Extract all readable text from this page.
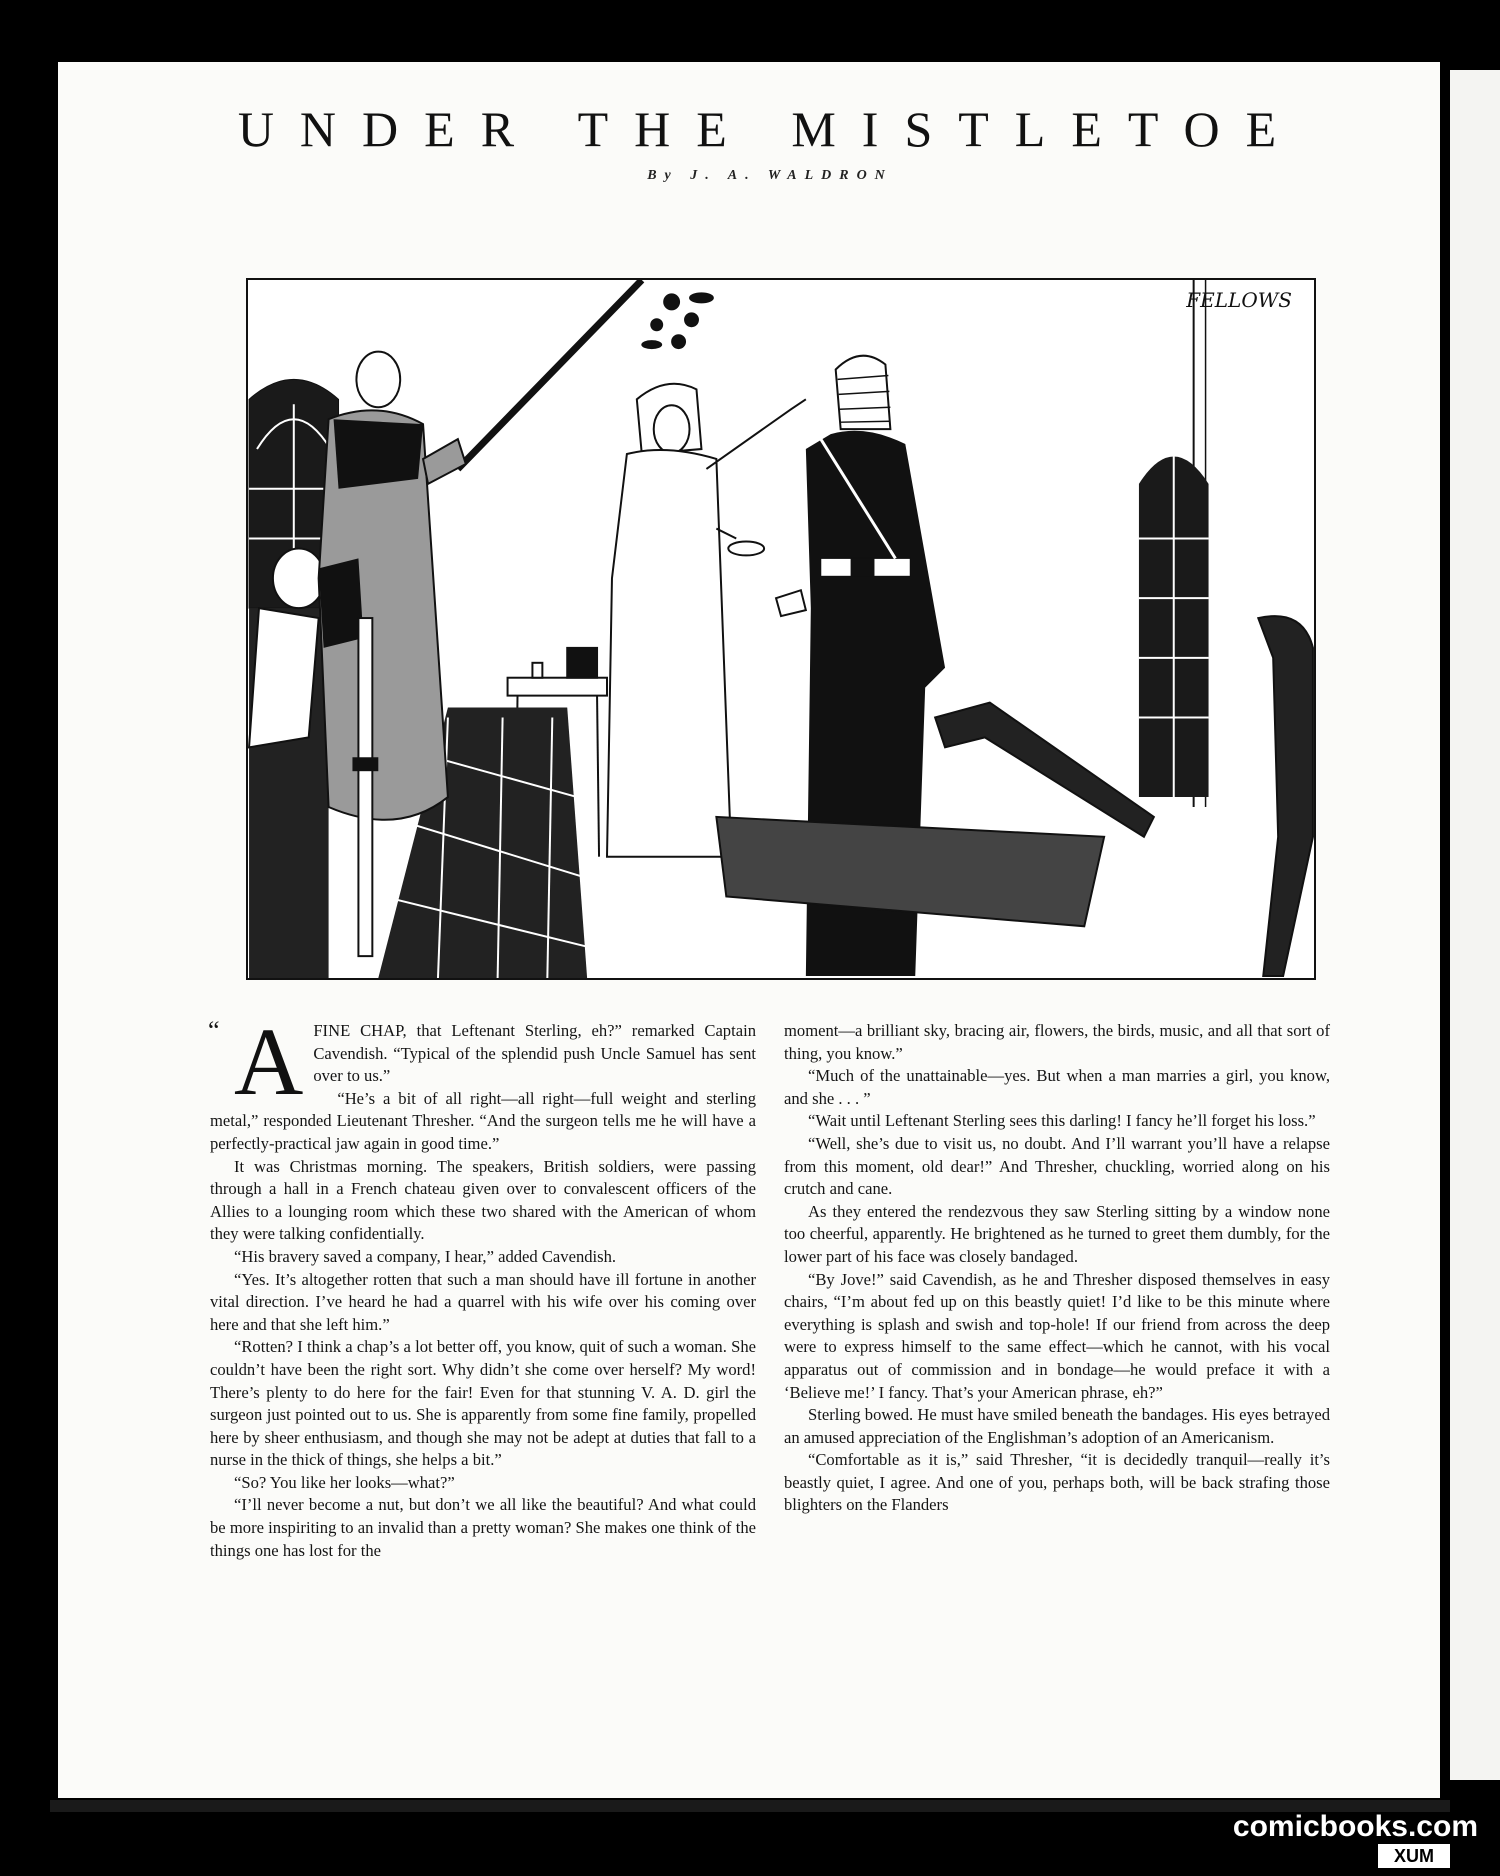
UNDER THE MISTLETOE
By J. A. WALDRON
FELLOWS
“ A FINE CHAP, that Leftenant Sterling, eh?” remarked Captain Cavendish. “Typical of the splendid push Uncle Samuel has sent over to us.”

“He’s a bit of all right—all right—full weight and sterling metal,” responded Lieutenant Thresher. “And the surgeon tells me he will have a perfectly-practical jaw again in good time.”

It was Christmas morning. The speakers, British soldiers, were passing through a hall in a French chateau given over to convalescent officers of the Allies to a lounging room which these two shared with the American of whom they were talking confidentially.

“His bravery saved a company, I hear,” added Cavendish.

“Yes. It’s altogether rotten that such a man should have ill fortune in another vital direction. I’ve heard he had a quarrel with his wife over his coming over here and that she left him.”

“Rotten? I think a chap’s a lot better off, you know, quit of such a woman. She couldn’t have been the right sort. Why didn’t she come over herself? My word! There’s plenty to do here for the fair! Even for that stunning V. A. D. girl the surgeon just pointed out to us. She is apparently from some fine family, propelled here by sheer enthusiasm, and though she may not be adept at duties that fall to a nurse in the thick of things, she helps a bit.”

“So? You like her looks—what?”

“I’ll never become a nut, but don’t we all like the beautiful? And what could be more inspiriting to an invalid than a pretty woman? She makes one think of the things one has lost for the

moment—a brilliant sky, bracing air, flowers, the birds, music, and all that sort of thing, you know.”

“Much of the unattainable—yes. But when a man marries a girl, you know, and she . . . ”

“Wait until Leftenant Sterling sees this darling! I fancy he’ll forget his loss.”

“Well, she’s due to visit us, no doubt. And I’ll warrant you’ll have a relapse from this moment, old dear!” And Thresher, chuckling, worried along on his crutch and cane.

As they entered the rendezvous they saw Sterling sitting by a window none too cheerful, apparently. He brightened as he turned to greet them dumbly, for the lower part of his face was closely bandaged.

“By Jove!” said Cavendish, as he and Thresher disposed themselves in easy chairs, “I’m about fed up on this beastly quiet! I’d like to be this minute where everything is splash and swish and top-hole! If our friend from across the deep were to express himself to the same effect—which he cannot, with his vocal apparatus out of commission and in bondage—he would preface it with a ‘Believe me!’ I fancy. That’s your American phrase, eh?”

Sterling bowed. He must have smiled beneath the bandages. His eyes betrayed an amused appreciation of the Englishman’s adoption of an Americanism.

“Comfortable as it is,” said Thresher, “it is decidedly tranquil—really it’s beastly quiet, I agree. And one of you, perhaps both, will be back strafing those blighters on the Flanders

comicbooks.com
XUM
